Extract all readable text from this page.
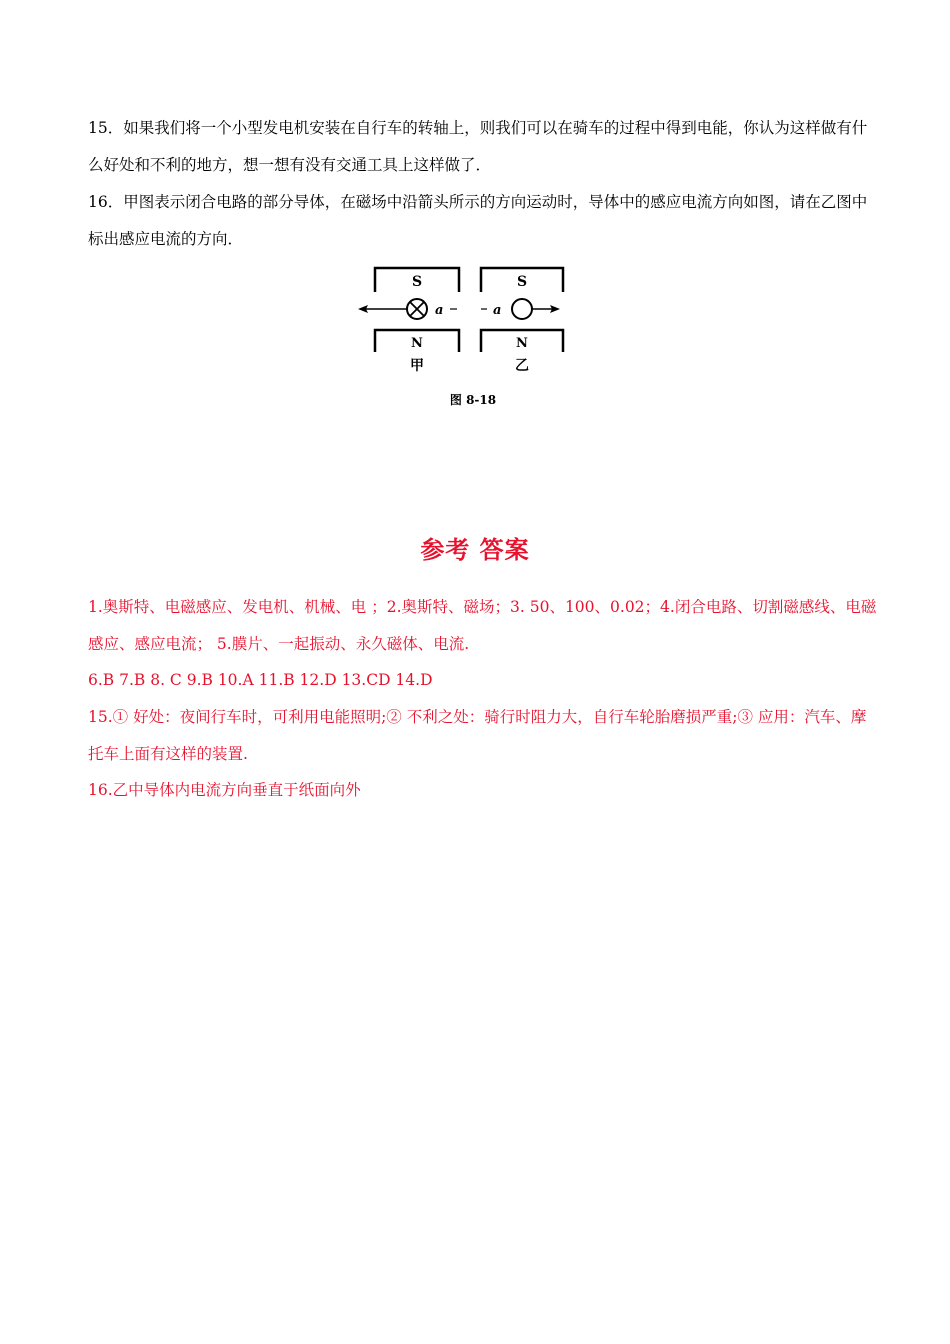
15．如果我们将一个小型发电机安装在自行车的转轴上，则我们可以在骑车的过程中得到电能，你认为这样做有什么好处和不利的地方，想一想有没有交通工具上这样做了．
16．甲图表示闭合电路的部分导体，在磁场中沿箭头所示的方向运动时，导体中的感应电流方向如图，请在乙图中标出感应电流的方向．
S
N
a
S
N
a
甲	乙
图 8-18
参考 答案
1.奥斯特、电磁感应、发电机、机械、电 ；2.奥斯特、磁场；3. 50、100、0.02；4.闭合电路、切割磁感线、电磁感应、感应电流； 5.膜片、一起振动、永久磁体、电流.
6.B 7.B 8. C 9.B 10.A 11.B 12.D 13.CD 14.D
15.① 好处：夜间行车时，可利用电能照明;② 不利之处：骑行时阻力大，自行车轮胎磨损严重;③ 应用：汽车、摩托车上面有这样的装置.
16.乙中导体内电流方向垂直于纸面向外
